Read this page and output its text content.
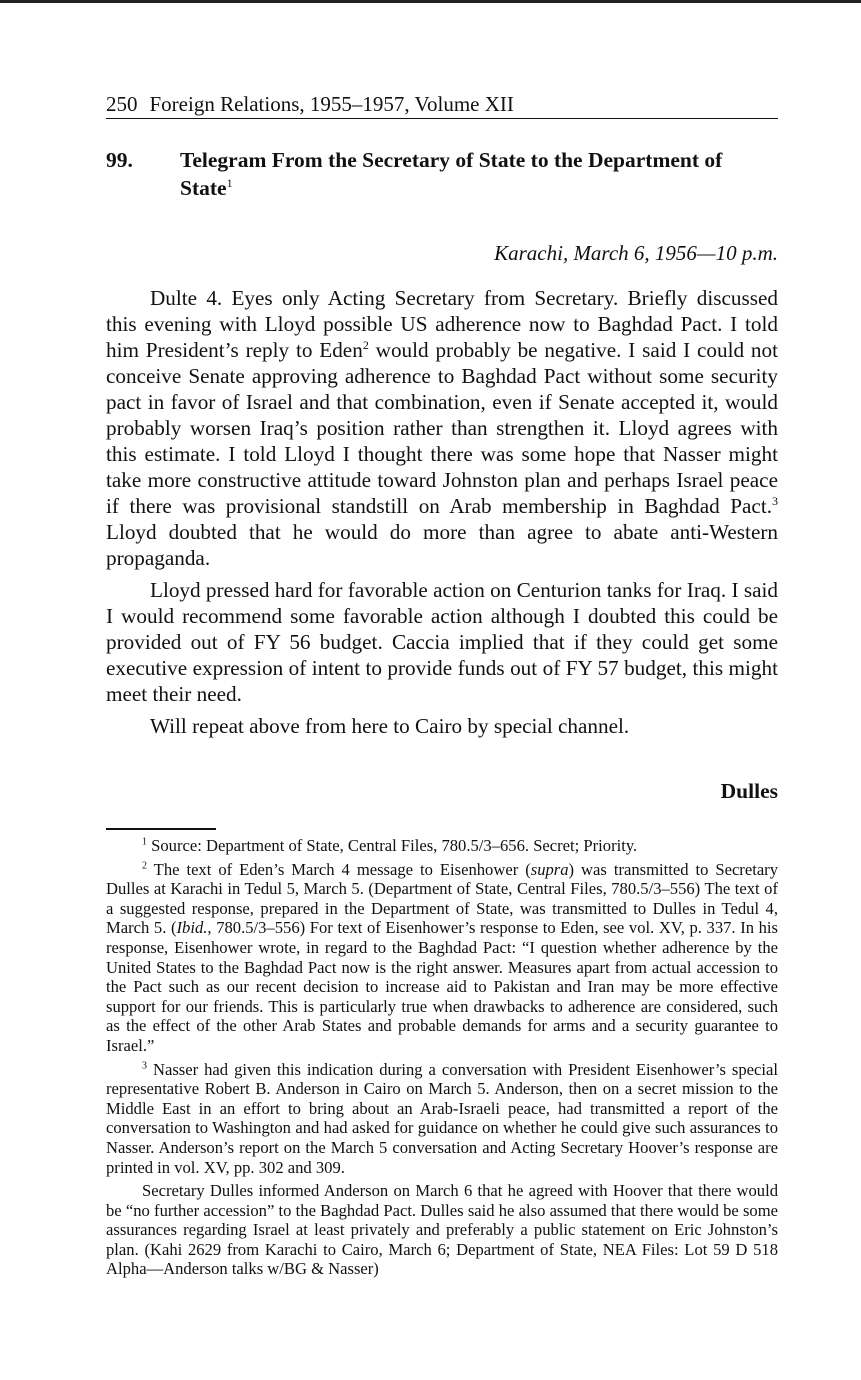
250 Foreign Relations, 1955–1957, Volume XII
99. Telegram From the Secretary of State to the Department of State$^1$
Karachi, March 6, 1956—10 p.m.

Dulte 4. Eyes only Acting Secretary from Secretary. Briefly discussed this evening with Lloyd possible US adherence now to Baghdad Pact. I told him President’s reply to Eden$^2$ would probably be negative. I said I could not conceive Senate approving adherence to Baghdad Pact without some security pact in favor of Israel and that combination, even if Senate accepted it, would probably worsen Iraq’s position rather than strengthen it. Lloyd agrees with this estimate. I told Lloyd I thought there was some hope that Nasser might take more constructive attitude toward Johnston plan and perhaps Israel peace if there was provisional standstill on Arab membership in Baghdad Pact.$^3$ Lloyd doubted that he would do more than agree to abate anti-Western propaganda.

Lloyd pressed hard for favorable action on Centurion tanks for Iraq. I said I would recommend some favorable action although I doubted this could be provided out of FY 56 budget. Caccia implied that if they could get some executive expression of intent to provide funds out of FY 57 budget, this might meet their need.

Will repeat above from here to Cairo by special channel.

Dulles

$^1$ Source: Department of State, Central Files, 780.5/3–656. Secret; Priority.

$^2$ The text of Eden’s March 4 message to Eisenhower (supra) was transmitted to Secretary Dulles at Karachi in Tedul 5, March 5. (Department of State, Central Files, 780.5/3–556) The text of a suggested response, prepared in the Department of State, was transmitted to Dulles in Tedul 4, March 5. (Ibid., 780.5/3–556) For text of Eisenhower’s response to Eden, see vol. XV, p. 337. In his response, Eisenhower wrote, in regard to the Baghdad Pact: “I question whether adherence by the United States to the Baghdad Pact now is the right answer. Measures apart from actual accession to the Pact such as our recent decision to increase aid to Pakistan and Iran may be more effective support for our friends. This is particularly true when drawbacks to adherence are considered, such as the effect of the other Arab States and probable demands for arms and a security guarantee to Israel.”

$^3$ Nasser had given this indication during a conversation with President Eisenhower’s special representative Robert B. Anderson in Cairo on March 5. Anderson, then on a secret mission to the Middle East in an effort to bring about an Arab-Israeli peace, had transmitted a report of the conversation to Washington and had asked for guidance on whether he could give such assurances to Nasser. Anderson’s report on the March 5 conversation and Acting Secretary Hoover’s response are printed in vol. XV, pp. 302 and 309.

Secretary Dulles informed Anderson on March 6 that he agreed with Hoover that there would be “no further accession” to the Baghdad Pact. Dulles said he also assumed that there would be some assurances regarding Israel at least privately and preferably a public statement on Eric Johnston’s plan. (Kahi 2629 from Karachi to Cairo, March 6; Department of State, NEA Files: Lot 59 D 518 Alpha—Anderson talks w/BG & Nasser)
